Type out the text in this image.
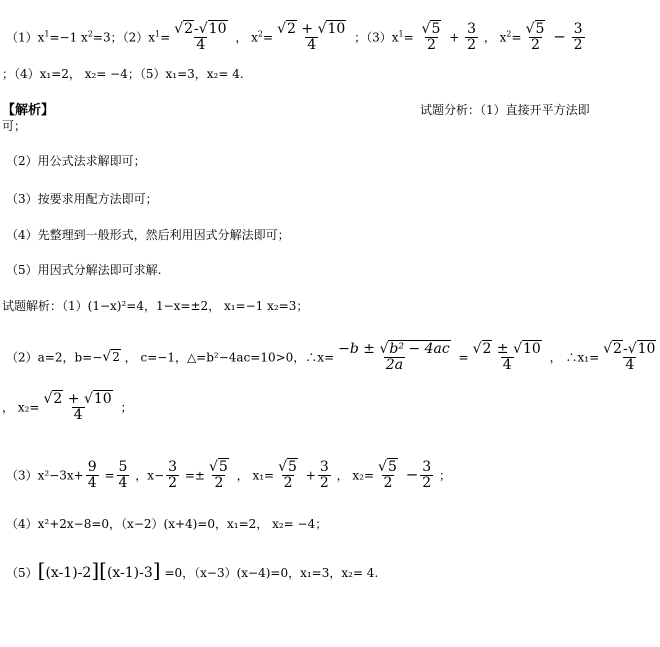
$(1)x^1=-1$ $x^2=3$；$(2)x^1=$ √ $\frac{2- √ 10}{4}$ ， $x^2=$ √ $\frac{2 + √ 10}{4}$ ；$(3)x^1=$ √ $\frac{5}{2} + \frac{3}{2}$ ， $x^2=$ √ $\frac{5}{2} - \frac{3}{2}$
；（4）x₁=2， x₂= −4；（5）x₁=3，x₂= 4.
【解析】	试题分析：（1）直接开平方法即
可；
（2）用公式法求解即可；
（3）按要求用配方法即可；
（4）先整理到一般形式，然后利用因式分解法即可；
（5）用因式分解法即可求解.
试题解析：（1）(1−x)²=4，1−x=±2， x₁=−1 x₂=3；
（2）a=2，b=− √ 2 ， c=−1，△=b²−4ac=10>0，∴x= $\frac{\text{−b ± √ b² − 4ac}}{2a}$ = √ $\frac{2 \pm √ 10}{4}$ ， ∴x₁= √ $\frac{2- √ 10}{4}$
， x₂= √ $\frac{2 + √ 10}{4}$ ；
$(3)x^2-3x+ \frac{9}{4} = \frac{5}{4}$ ，$x- \frac{3}{2}$ =± √ $\frac{5}{2}$ ， x₁= √ $\frac{5}{2} + \frac{3}{2}$ ， x₂= √ $\frac{5}{2} - \frac{3}{2}$ ；
（4）x²+2x−8=0，（x−2）(x+4)=0，x₁=2， x₂= −4；
（5）[(x-1)-2][(x-1)-3] =0，（x−3）(x−4)=0，x₁=3，x₂= 4.
